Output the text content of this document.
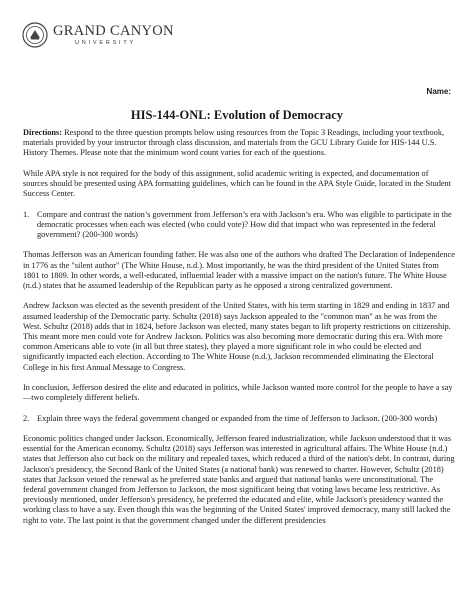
GRAND CANYON
UNIVERSITY
Name:
HIS-144-ONL: Evolution of Democracy

Directions: Respond to the three question prompts below using resources from the Topic 3 Readings, including your textbook, materials provided by your instructor through class discussion, and materials from the GCU Library Guide for HIS-144 U.S. History Themes. Please note that the minimum word count varies for each of the questions.

While APA style is not required for the body of this assignment, solid academic writing is expected, and documentation of sources should be presented using APA formatting guidelines, which can be found in the APA Style Guide, located in the Student Success Center.

1. Compare and contrast the nation’s government from Jefferson’s era with Jackson’s era. Who was eligible to participate in the democratic processes when each was elected (who could vote)? How did that impact who was represented in the federal government? (200-300 words)

Thomas Jefferson was an American founding father. He was also one of the authors who drafted The Declaration of Independence in 1776 as the "silent author" (The White House, n.d.). Most importantly, he was the third president of the United States from 1801 to 1809. In other words, a well-educated, influential leader with a massive impact on the nation's future. The White House (n.d.) states that he assumed leadership of the Republican party as he opposed a strong centralized government.

Andrew Jackson was elected as the seventh president of the United States, with his term starting in 1829 and ending in 1837 and assumed leadership of the Democratic party. Schultz (2018) says Jackson appealed to the "common man" as he was from the West. Schultz (2018) adds that in 1824, before Jackson was elected, many states began to lift property restrictions on citizenship. This meant more men could vote for Andrew Jackson. Politics was also becoming more democratic during this era. With more common Americans able to vote (in all but three states), they played a more significant role in who could be elected and significantly impacted each election. According to The White House (n.d.), Jackson recommended eliminating the Electoral College in his first Annual Message to Congress.

In conclusion, Jefferson desired the elite and educated in politics, while Jackson wanted more control for the people to have a say—two completely different beliefs.

2. Explain three ways the federal government changed or expanded from the time of Jefferson to Jackson. (200-300 words)

Economic politics changed under Jackson. Economically, Jefferson feared industrialization, while Jackson understood that it was essential for the American economy. Schultz (2018) says Jefferson was interested in agricultural affairs. The White House (n.d.) states that Jefferson also cut back on the military and repealed taxes, which reduced a third of the nation's debt. In contrast, during Jackson's presidency, the Second Bank of the United States (a national bank) was renewed to charter. However, Schultz (2018) states that Jackson vetoed the renewal as he preferred state banks and argued that national banks were unconstitutional. The federal government changed from Jefferson to Jackson, the most significant being that voting laws became less restrictive. As previously mentioned, under Jefferson's presidency, he preferred the educated and elite, while Jackson's presidency wanted the working class to have a say. Even though this was the beginning of the United States' improved democracy, many still lacked the right to vote. The last point is that the government changed under the different presidencies
